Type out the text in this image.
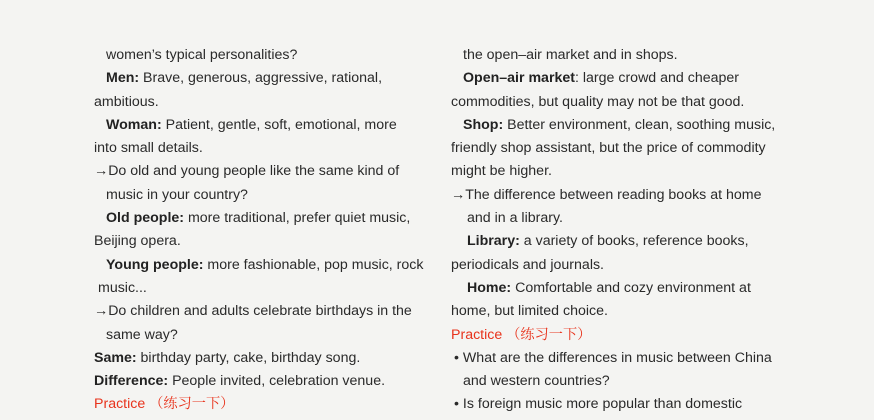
women’s typical personalities?
Men: Brave, generous, aggressive, rational,
ambitious.
Woman: Patient, gentle, soft, emotional, more
into small details.
→Do old and young people like the same kind of
music in your country?
Old people: more traditional, prefer quiet music,
Beijing opera.
Young people: more fashionable, pop music, rock
music...
→Do children and adults celebrate birthdays in the
same way?
Same: birthday party, cake, birthday song.
Difference: People invited, celebration venue.
Practice （练习一下）
the open–air market and in shops.
Open–air market: large crowd and cheaper
commodities, but quality may not be that good.
Shop: Better environment, clean, soothing music,
friendly shop assistant, but the price of commodity
might be higher.
→The difference between reading books at home
and in a library.
Library: a variety of books, reference books,
periodicals and journals.
Home: Comfortable and cozy environment at
home, but limited choice.
Practice （练习一下）
• What are the differences in music between China
and western countries?
• Is foreign music more popular than domestic
